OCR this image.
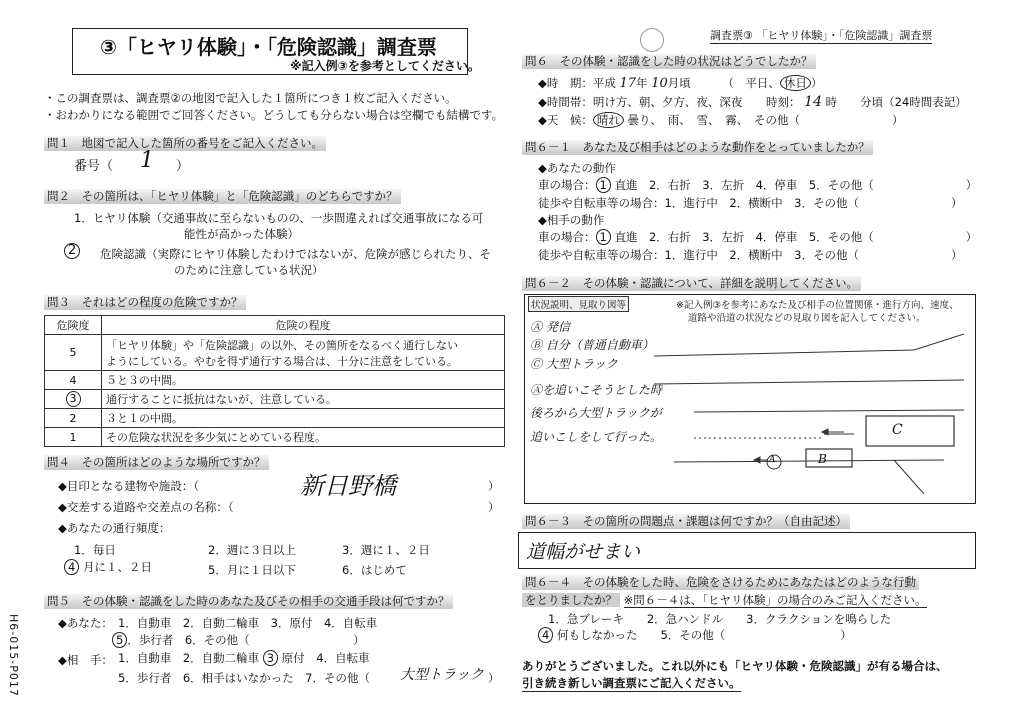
③「ヒヤリ体験」・「危険認識」調査票
※記入例③を参考としてください。
調査票③ 「ヒヤリ体験」・「危険認識」調査票
・この調査票は、調査票②の地図で記入した１箇所につき１枚ご記入ください。
・おわかりになる範囲でご回答ください。どうしても分らない場合は空欄でも結構です。
問１　地図で記入した箇所の番号をご記入ください。
番号（ 1 ）
問２　その箇所は、「ヒヤリ体験」と「危険認識」のどちらですか？
1．ヒヤリ体験（交通事故に至らないものの、一歩間違えれば交通事故になる可
能性が高かった体験）
2	危険認識（実際にヒヤリ体験したわけではないが、危険が感じられたり、そ
のために注意している状況）
問３　それはどの程度の危険ですか？
危険度	危険の程度
5	「ヒヤリ体験」や「危険認識」の以外、その箇所をなるべく通行しない
ようにしている。やむを得ず通行する場合は、十分に注意をしている。

4	５と３の中間。
3	通行することに抵抗はないが、注意している。
2	３と１の中間。
1	その危険な状況を多少気にとめている程度。
問４　その箇所はどのような場所ですか？
◆目印となる建物や施設：（	新日野橋	）
◆交差する道路や交差点の名称：（	）
◆あなたの通行頻度：
1．毎日	2．週に３日以上	3．週に１、２日
4 月に１、２日	5．月に１日以下	6．はじめて
問５　その体験・認識をした時のあなた及びその相手の交通手段は何ですか？
◆あなた： 1．自動車　2．自動二輪車　3．原付　4．自転車
5 ．歩行者　6．その他（　　　　　　　　　）
◆相　手： 1．自動車　2．自動二輪車 3 原付　4．自転車
5．歩行者　6．相手はいなかった　7．その他（ 大型トラック ）
問６　その体験・認識をした時の状況はどうでしたか？
◆時　期：平成 17年 10月頃	（　平日、 休日 ）
◆時間帯：明け方、朝、夕方、夜、深夜 時刻： 14 時　　分頃（24時間表記）
◆天　候： 晴れ 曇り、　雨、　雪、　霧、　その他（　　　　　　　　）
問６－１　あなた及び相手はどのような動作をとっていましたか？
◆あなたの動作
車の場合： 1 直進　2．右折　3．左折　4．停車　5．その他（　　　　　　　　）
徒歩や自転車等の場合：1．進行中　2．横断中　3．その他（　　　　　　　　）
◆相手の動作
車の場合： 1 直進　2．右折　3．左折　4．停車　5．その他（　　　　　　　　）
徒歩や自転車等の場合：1．進行中　2．横断中　3．その他（　　　　　　　　）
問６－２　その体験・認識について、詳細を説明してください。
状況説明、見取り図等	※記入例③を参考にあなた及び相手の位置関係・進行方向、速度、
道路や沿道の状況などの見取り図を記入してください。
Ⓐ 発信
Ⓑ 自分（普通自動車）
Ⓒ 大型トラック
Ⓐを追いこそうとした時
後ろから大型トラックが
追いこしをして行った。	C
B
A
問６－３　その箇所の問題点・課題は何ですか？（自由記述）
道幅がせまい
問６－４　その体験をした時、危険をさけるためにあなたはどのような行動
をとりましたか？ ※問６－４は、「ヒヤリ体験」の場合のみご記入ください。
1．急ブレーキ　　2．急ハンドル　　3．クラクションを鳴らした
4 何もしなかった　　5．その他（　　　　　　　　　　）
ありがとうございました。これ以外にも「ヒヤリ体験・危険認識」が有る場合は、
引き続き新しい調査票にご記入ください。
H6-015-P017
